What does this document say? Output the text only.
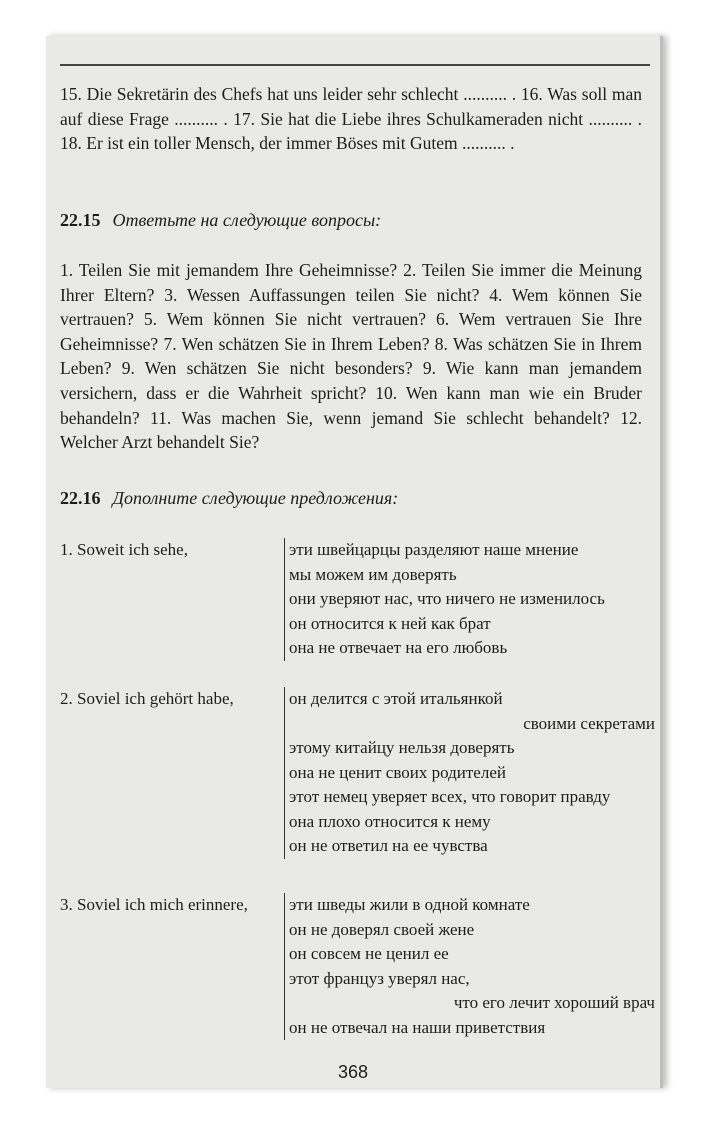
15. Die Sekretärin des Chefs hat uns leider sehr schlecht .......... . 16. Was soll man auf diese Frage .......... . 17. Sie hat die Liebe ihres Schulkameraden nicht .......... . 18. Er ist ein toller Mensch, der immer Böses mit Gutem .......... .

22.15 Ответьте на следующие вопросы:

1. Teilen Sie mit jemandem Ihre Geheimnisse? 2. Teilen Sie immer die Meinung Ihrer Eltern? 3. Wessen Auffassungen teilen Sie nicht? 4. Wem können Sie vertrauen? 5. Wem können Sie nicht vertrauen? 6. Wem vertrauen Sie Ihre Geheimnisse? 7. Wen schätzen Sie in Ihrem Leben? 8. Was schätzen Sie in Ihrem Leben? 9. Wen schätzen Sie nicht besonders? 9. Wie kann man jemandem versichern, dass er die Wahrheit spricht? 10. Wen kann man wie ein Bruder behandeln? 11. Was machen Sie, wenn jemand Sie schlecht behandelt? 12. Welcher Arzt behandelt Sie?

22.16 Дополните следующие предложения:
1. Soweit ich sehe,	эти швейцарцы разделяют наше мнение
мы можем им доверять
они уверяют нас, что ничего не изменилось
он относится к ней как брат
она не отвечает на его любовь
2. Soviel ich gehört habe,	он делится с этой итальянкой
своими секретами
этому китайцу нельзя доверять
она не ценит своих родителей
этот немец уверяет всех, что говорит правду
она плохо относится к нему
он не ответил на ее чувства
3. Soviel ich mich erinnere,	эти шведы жили в одной комнате
он не доверял своей жене
он совсем не ценил ее
этот француз уверял нас,
что его лечит хороший врач
он не отвечал на наши приветствия
368
